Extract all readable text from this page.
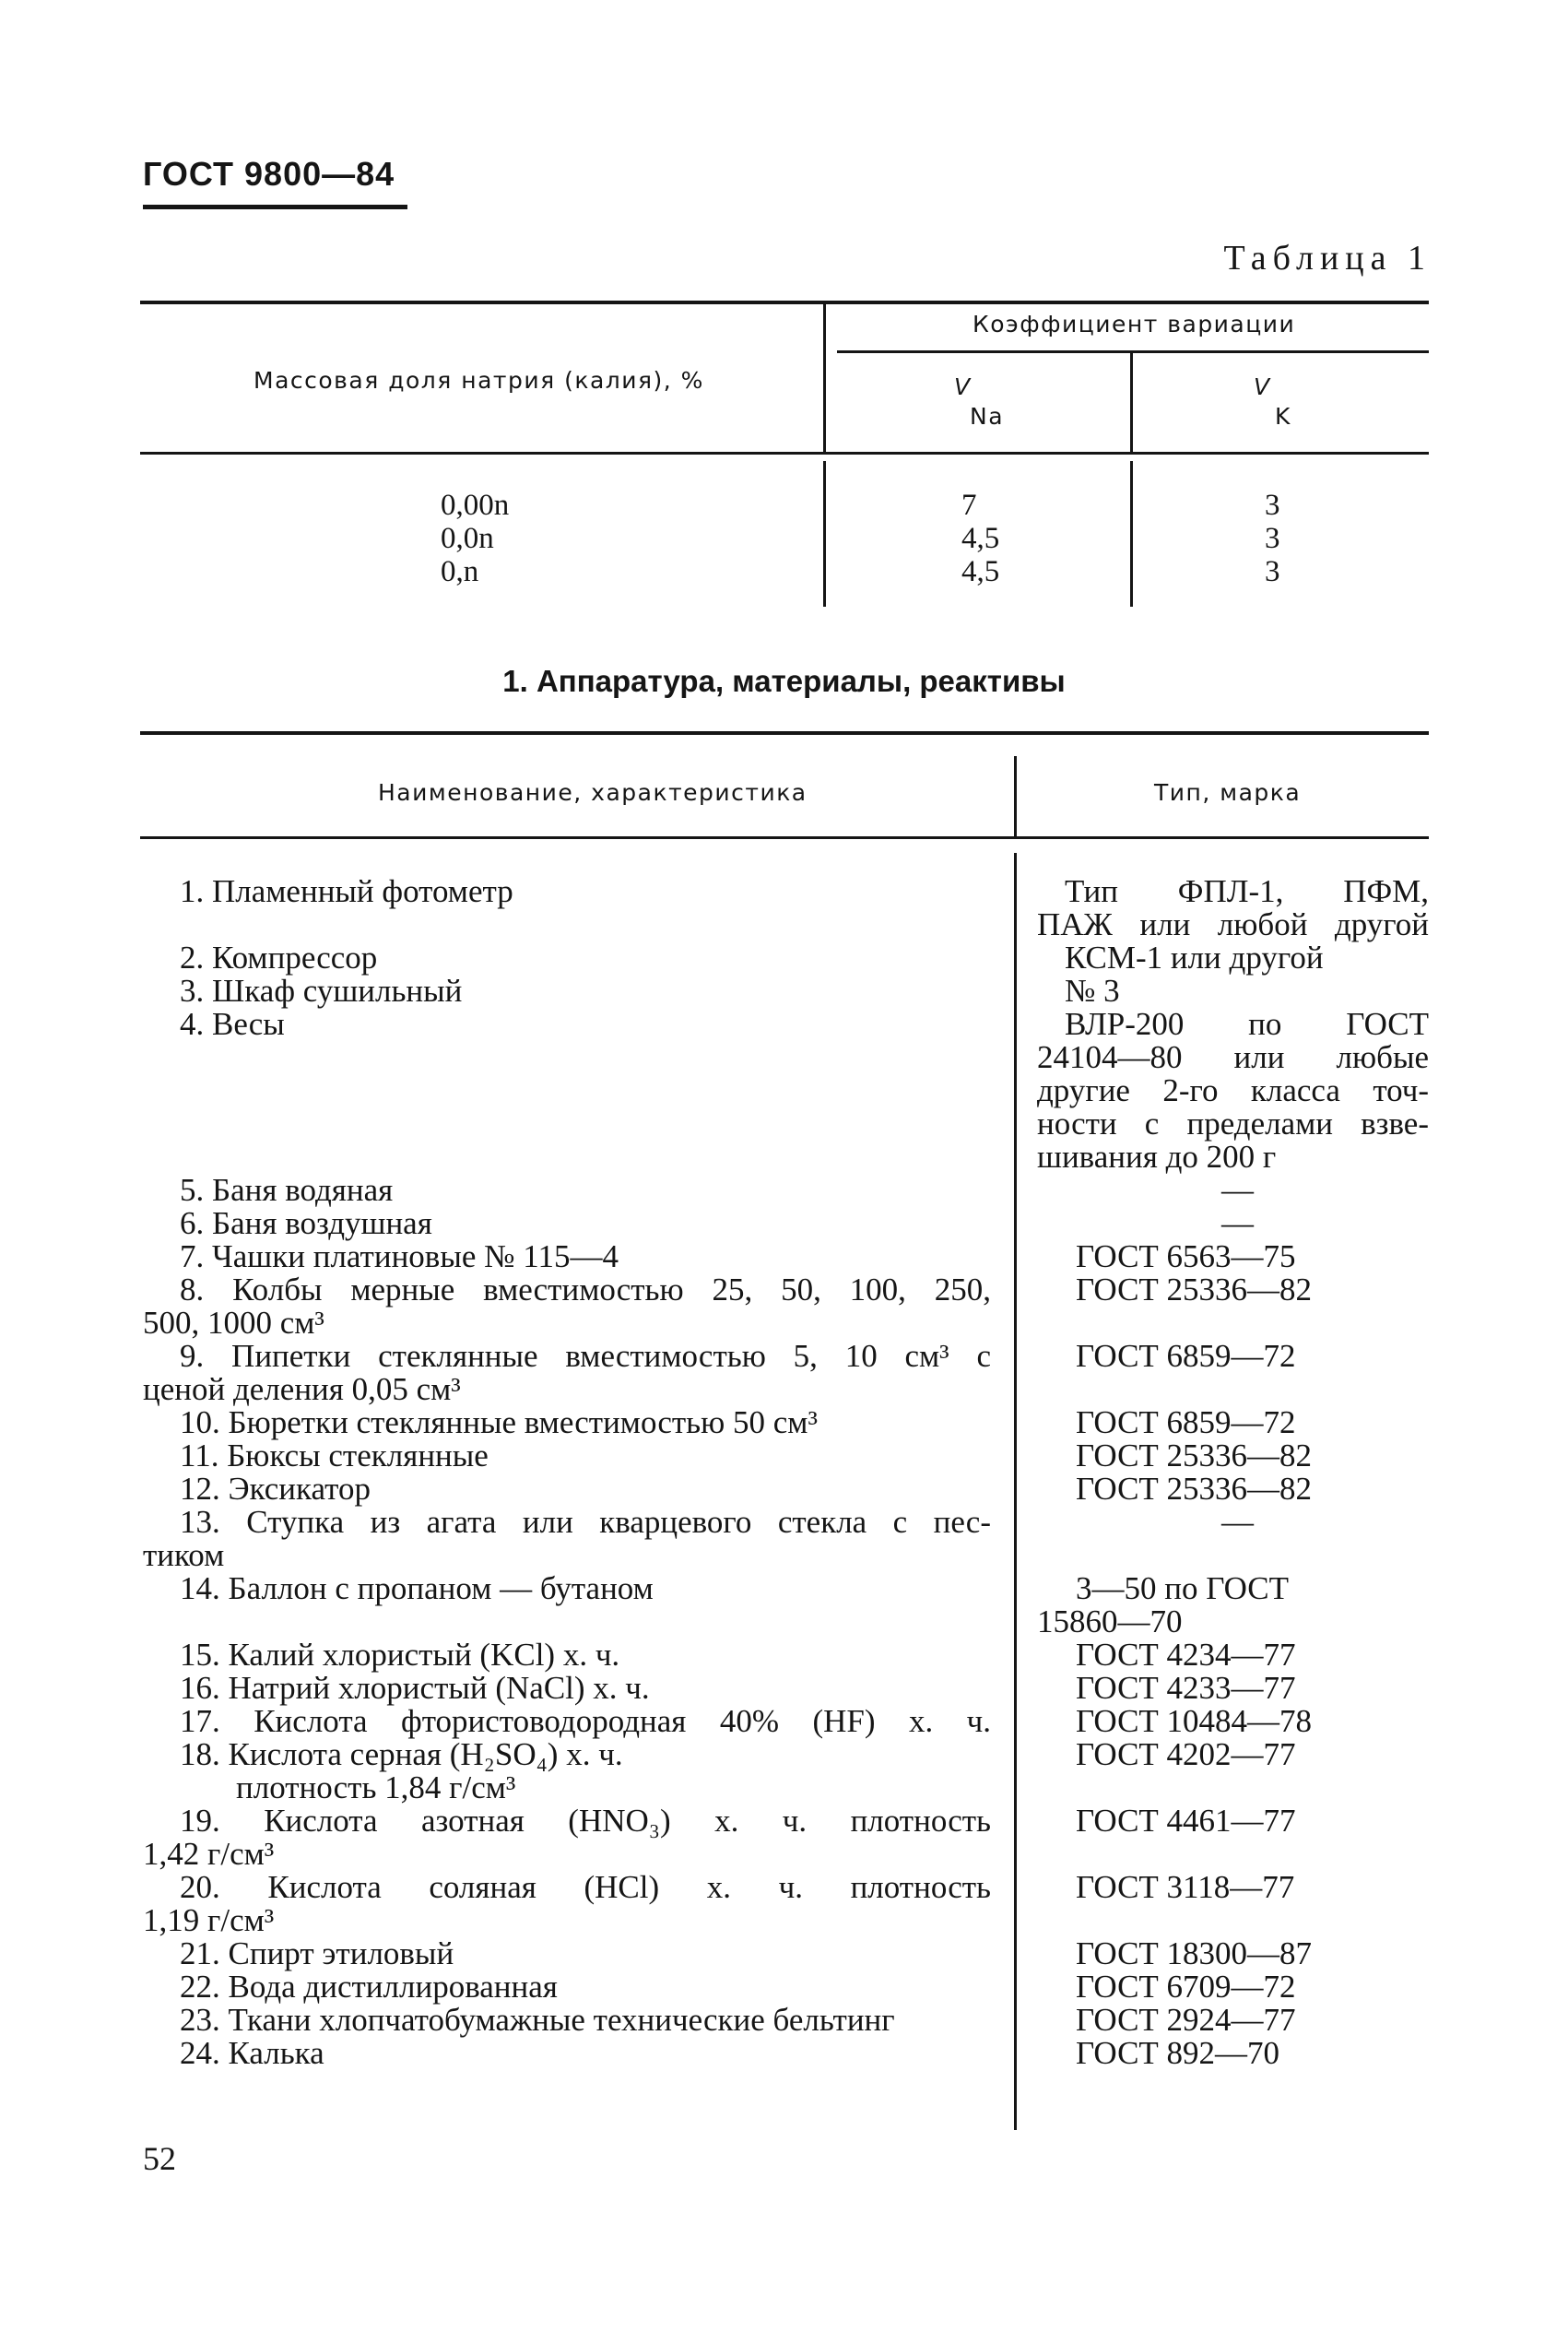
ГОСТ 9800—84
Таблица 1
Массовая доля натрия (калия), %
Коэффициент вариации
V
Na
V
K
0,00n
0,0n
0,n
7
4,5
4,5
3
3
3
1. Аппаратура, материалы, реактивы
Наименование, характеристика	Тип, марка
1. Пламенный фотометр
2. Компрессор
3. Шкаф сушильный
4. Весы
5. Баня водяная
6. Баня воздушная
7. Чашки платиновые № 115—4
8. Колбы мерные вместимостью 25, 50, 100, 250,
500, 1000 см³
9. Пипетки стеклянные вместимостью 5, 10 см³ с
ценой деления 0,05 см³
10. Бюретки стеклянные вместимостью 50 см³
11. Бюксы стеклянные
12. Эксикатор
13. Ступка из агата или кварцевого стекла с пес-
тиком
14. Баллон с пропаном — бутаном
15. Калий хлористый (KCl) х. ч.
16. Натрий хлористый (NaCl) х. ч.
17. Кислота фтористоводородная 40% (HF) х. ч.
18. Кислота серная (H₂SO₄) х. ч.
плотность 1,84 г/см³
19. Кислота азотная (HNO₃) х. ч. плотность
1,42 г/см³
20. Кислота соляная (HCl) х. ч. плотность
1,19 г/см³
21. Спирт этиловый
22. Вода дистиллированная
23. Ткани хлопчатобумажные технические бельтинг
24. Калька
Тип ФПЛ-1, ПФМ,
ПАЖ или любой другой
КСМ-1 или другой
№ 3
ВЛР-200 по ГОСТ
24104—80 или любые
другие 2-го класса точ-
ности с пределами взве-
шивания до 200 г
—
—
ГОСТ 6563—75
ГОСТ 25336—82
ГОСТ 6859—72
ГОСТ 6859—72
ГОСТ 25336—82
ГОСТ 25336—82
—
3—50 по ГОСТ
15860—70
ГОСТ 4234—77
ГОСТ 4233—77
ГОСТ 10484—78
ГОСТ 4202—77
ГОСТ 4461—77
ГОСТ 3118—77
ГОСТ 18300—87
ГОСТ 6709—72
ГОСТ 2924—77
ГОСТ 892—70
52
